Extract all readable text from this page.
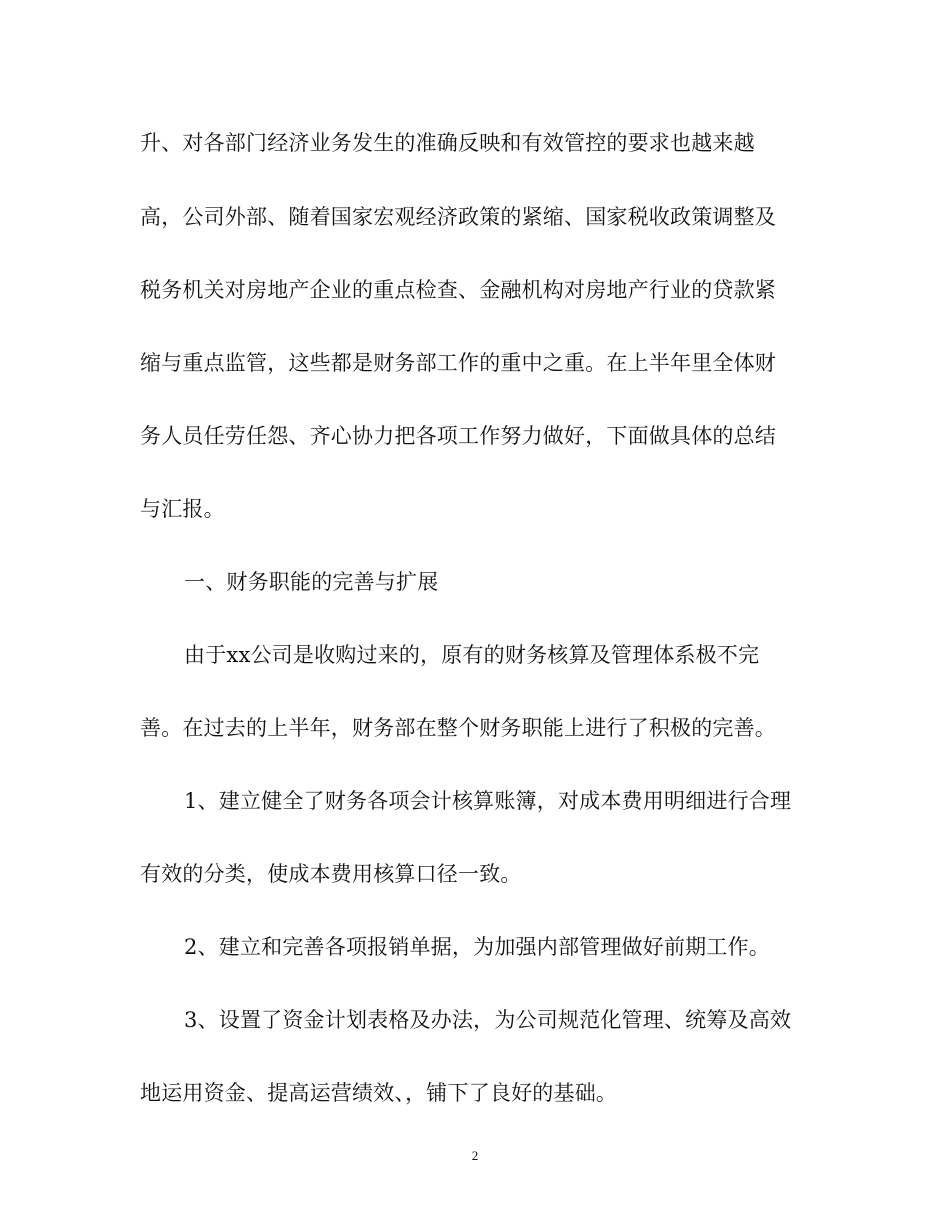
升、对各部门经济业务发生的准确反映和有效管控的要求也越来越
高，公司外部、随着国家宏观经济政策的紧缩、国家税收政策调整及
税务机关对房地产企业的重点检查、金融机构对房地产行业的贷款紧
缩与重点监管，这些都是财务部工作的重中之重。在上半年里全体财
务人员任劳任怨、齐心协力把各项工作努力做好，下面做具体的总结
与汇报。
一、财务职能的完善与扩展
由于xx公司是收购过来的，原有的财务核算及管理体系极不完
善。在过去的上半年，财务部在整个财务职能上进行了积极的完善。
1、建立健全了财务各项会计核算账簿，对成本费用明细进行合理
有效的分类，使成本费用核算口径一致。
2、建立和完善各项报销单据，为加强内部管理做好前期工作。
3、设置了资金计划表格及办法，为公司规范化管理、统筹及高效
地运用资金、提高运营绩效、，铺下了良好的基础。
2
